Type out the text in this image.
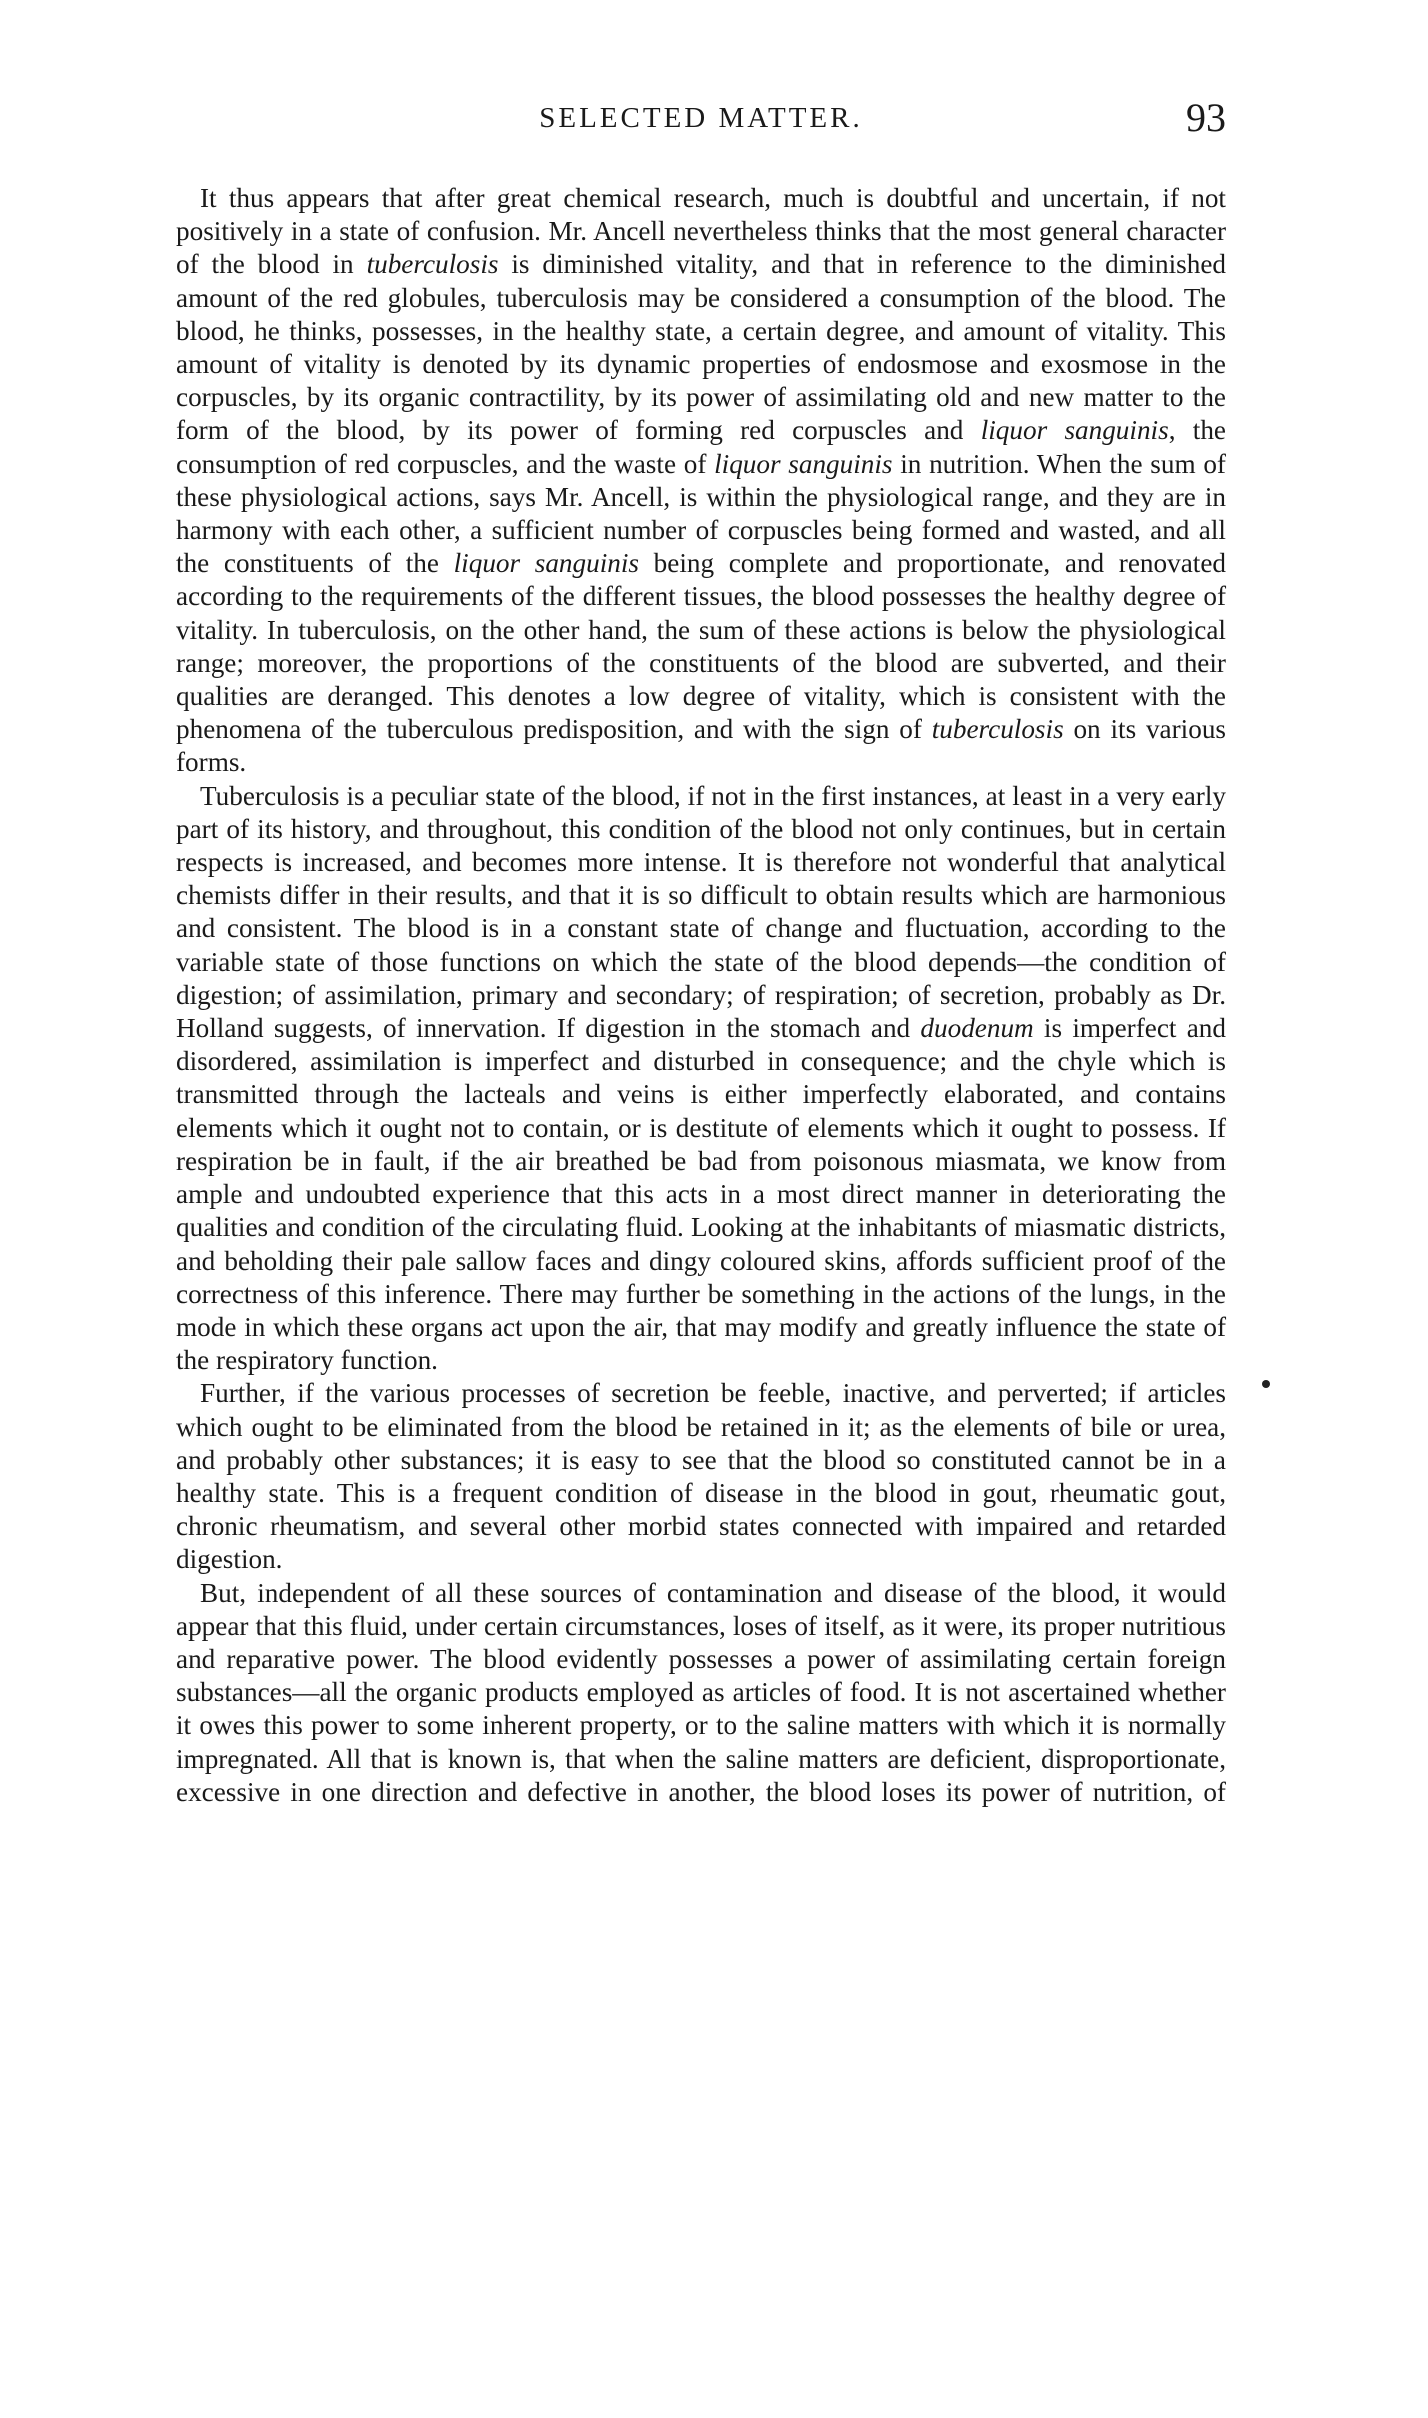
SELECTED MATTER.	93

It thus appears that after great chemical research, much is doubtful and uncertain, if not positively in a state of confusion. Mr. Ancell nevertheless thinks that the most general character of the blood in tuberculosis is diminished vitality, and that in reference to the diminished amount of the red globules, tuberculosis may be considered a consumption of the blood. The blood, he thinks, possesses, in the healthy state, a certain degree, and amount of vitality. This amount of vitality is denoted by its dynamic properties of endosmose and exosmose in the corpuscles, by its organic contractility, by its power of assimilating old and new matter to the form of the blood, by its power of forming red corpuscles and liquor sanguinis, the consumption of red corpuscles, and the waste of liquor sanguinis in nutrition. When the sum of these physiological actions, says Mr. Ancell, is within the physiological range, and they are in harmony with each other, a sufficient number of corpuscles being formed and wasted, and all the constituents of the liquor sanguinis being complete and proportionate, and renovated according to the requirements of the different tissues, the blood possesses the healthy degree of vitality. In tuberculosis, on the other hand, the sum of these actions is below the physiological range; moreover, the proportions of the constituents of the blood are subverted, and their qualities are deranged. This denotes a low degree of vitality, which is consistent with the phenomena of the tuberculous predisposition, and with the sign of tuberculosis on its various forms.

Tuberculosis is a peculiar state of the blood, if not in the first instances, at least in a very early part of its history, and throughout, this condition of the blood not only continues, but in certain respects is increased, and becomes more intense. It is therefore not wonderful that analytical chemists differ in their results, and that it is so difficult to obtain results which are harmonious and consistent. The blood is in a constant state of change and fluctuation, according to the variable state of those functions on which the state of the blood depends—the condition of digestion; of assimilation, primary and secondary; of respiration; of secretion, probably as Dr. Holland suggests, of innervation. If digestion in the stomach and duodenum is imperfect and disordered, assimilation is imperfect and disturbed in consequence; and the chyle which is transmitted through the lacteals and veins is either imperfectly elaborated, and contains elements which it ought not to contain, or is destitute of elements which it ought to possess. If respiration be in fault, if the air breathed be bad from poisonous miasmata, we know from ample and undoubted experience that this acts in a most direct manner in deteriorating the qualities and condition of the circulating fluid. Looking at the inhabitants of miasmatic districts, and beholding their pale sallow faces and dingy coloured skins, affords sufficient proof of the correctness of this inference. There may further be something in the actions of the lungs, in the mode in which these organs act upon the air, that may modify and greatly influence the state of the respiratory function.

Further, if the various processes of secretion be feeble, inactive, and perverted; if articles which ought to be eliminated from the blood be retained in it; as the elements of bile or urea, and probably other substances; it is easy to see that the blood so constituted cannot be in a healthy state. This is a frequent condition of disease in the blood in gout, rheumatic gout, chronic rheumatism, and several other morbid states connected with impaired and retarded digestion.

But, independent of all these sources of contamination and disease of the blood, it would appear that this fluid, under certain circumstances, loses of itself, as it were, its proper nutritious and reparative power. The blood evidently possesses a power of assimilating certain foreign substances—all the organic products employed as articles of food. It is not ascertained whether it owes this power to some inherent property, or to the saline matters with which it is normally impregnated. All that is known is, that when the saline matters are deficient, disproportionate, excessive in one direction and defective in another, the blood loses its power of nutrition, of
